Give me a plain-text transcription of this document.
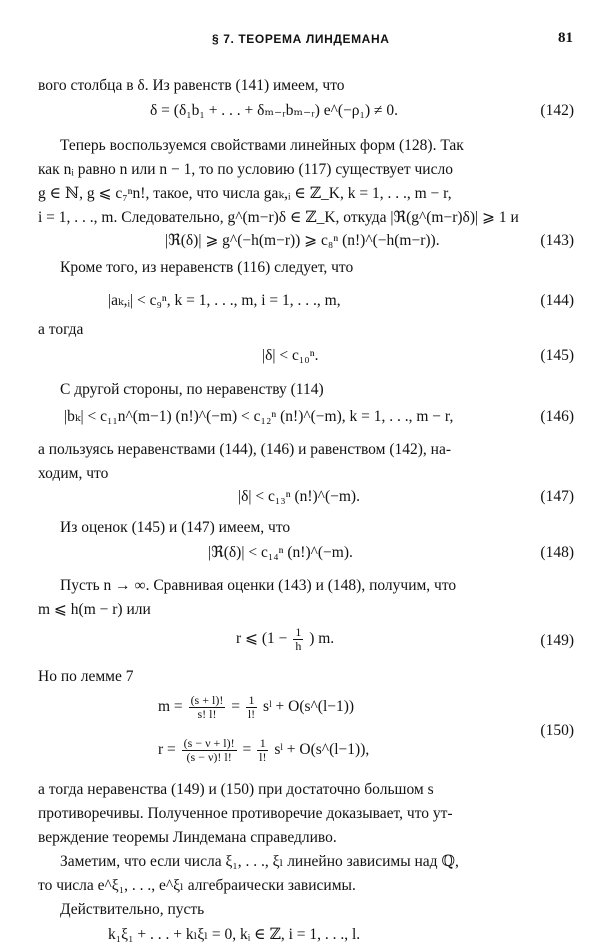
§ 7. ТЕОРЕМА ЛИНДЕМАНА	81
вого столбца в δ. Из равенств (141) имеем, что
δ = (δ₁b₁ + . . . + δₘ₋ᵣbₘ₋ᵣ) e^(−ρ₁) ≠ 0.	(142)
Теперь воспользуемся свойствами линейных форм (128). Так
как nᵢ равно n или n − 1, то по условию (117) существует число
g ∈ ℕ, g ⩽ c₇ⁿn!, такое, что числа gaₖ,ᵢ ∈ ℤ_K, k = 1, . . ., m − r,
i = 1, . . ., m. Следовательно, g^(m−r)δ ∈ ℤ_K, откуда |ℜ(g^(m−r)δ)| ⩾ 1 и
|ℜ(δ)| ⩾ g^(−h(m−r)) ⩾ c₈ⁿ (n!)^(−h(m−r)).	(143)
Кроме того, из неравенств (116) следует, что
|aₖ,ᵢ| < c₉ⁿ, k = 1, . . ., m, i = 1, . . ., m,	(144)
а тогда
|δ| < c₁₀ⁿ.	(145)
С другой стороны, по неравенству (114)
|bₖ| < c₁₁n^(m−1) (n!)^(−m) < c₁₂ⁿ (n!)^(−m), k = 1, . . ., m − r,	(146)
а пользуясь неравенствами (144), (146) и равенством (142), на-
ходим, что
|δ| < c₁₃ⁿ (n!)^(−m).	(147)
Из оценок (145) и (147) имеем, что
|ℜ(δ)| < c₁₄ⁿ (n!)^(−m).	(148)
Пусть n → ∞. Сравнивая оценки (143) и (148), получим, что
m ⩽ h(m − r) или
r ⩽ ($1 - \frac{1}{h}$ ) m.	(149)
Но по лемме 7
$m = \frac{(s + l)!}{s! l!} = \frac{1}{l!}$ sˡ + O(s^(l−1))
$r = \frac{(s - \nu + l)!}{(s - \nu)! l!} = \frac{1}{l!}$ sˡ + O(s^(l−1)),
(150)
а тогда неравенства (149) и (150) при достаточно большом s
противоречивы. Полученное противоречие доказывает, что ут-
верждение теоремы Линдемана справедливо.
Заметим, что если числа ξ₁, . . ., ξₗ линейно зависимы над ℚ,
то числа e^ξ₁, . . ., e^ξₗ алгебраически зависимы.
Действительно, пусть
k₁ξ₁ + . . . + kₗξₗ = 0, kᵢ ∈ ℤ, i = 1, . . ., l.
